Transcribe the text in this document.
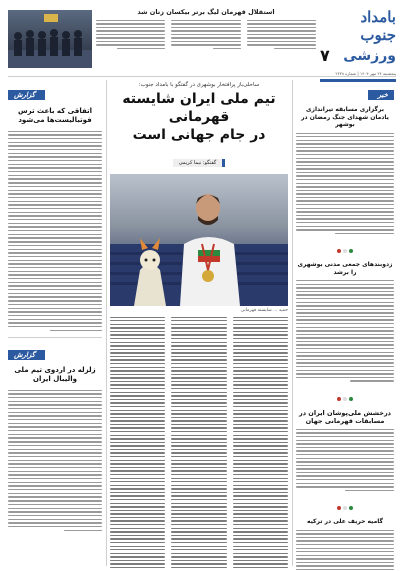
بامداد جنوب
ورزشی
۷
پنجشنبه ۲۴ مهر ۱۴۰۴ | شماره ۲۴۳۸
استقلال قهرمان لیگ برتر بیکسان زنان شد
گزارش
اتفاقی که باعث ترس فوتبالیست‌ها می‌شود
گزارش
زلزله در اردوی تیم ملی والیبال ایران
ساحلی‌باز پرافتخار بوشهری در گفتگو با بامداد جنوب:
تیم ملی ایران شایسته قهرمانی
در جام جهانی است
گفتگو: نیما کریمی
حمید ... شایسته قهرمانی
خبر
برگزاری مسابقه تیراندازی یادمان شهدای جنگ رمضان در بوشهر
زدوبندهای جمعی مدنی بوشهری را برشد
درخشش ملی‌پوشان ایران در مسابقات قهرمانی جهان
گامیه حریف علی در ترکیه
